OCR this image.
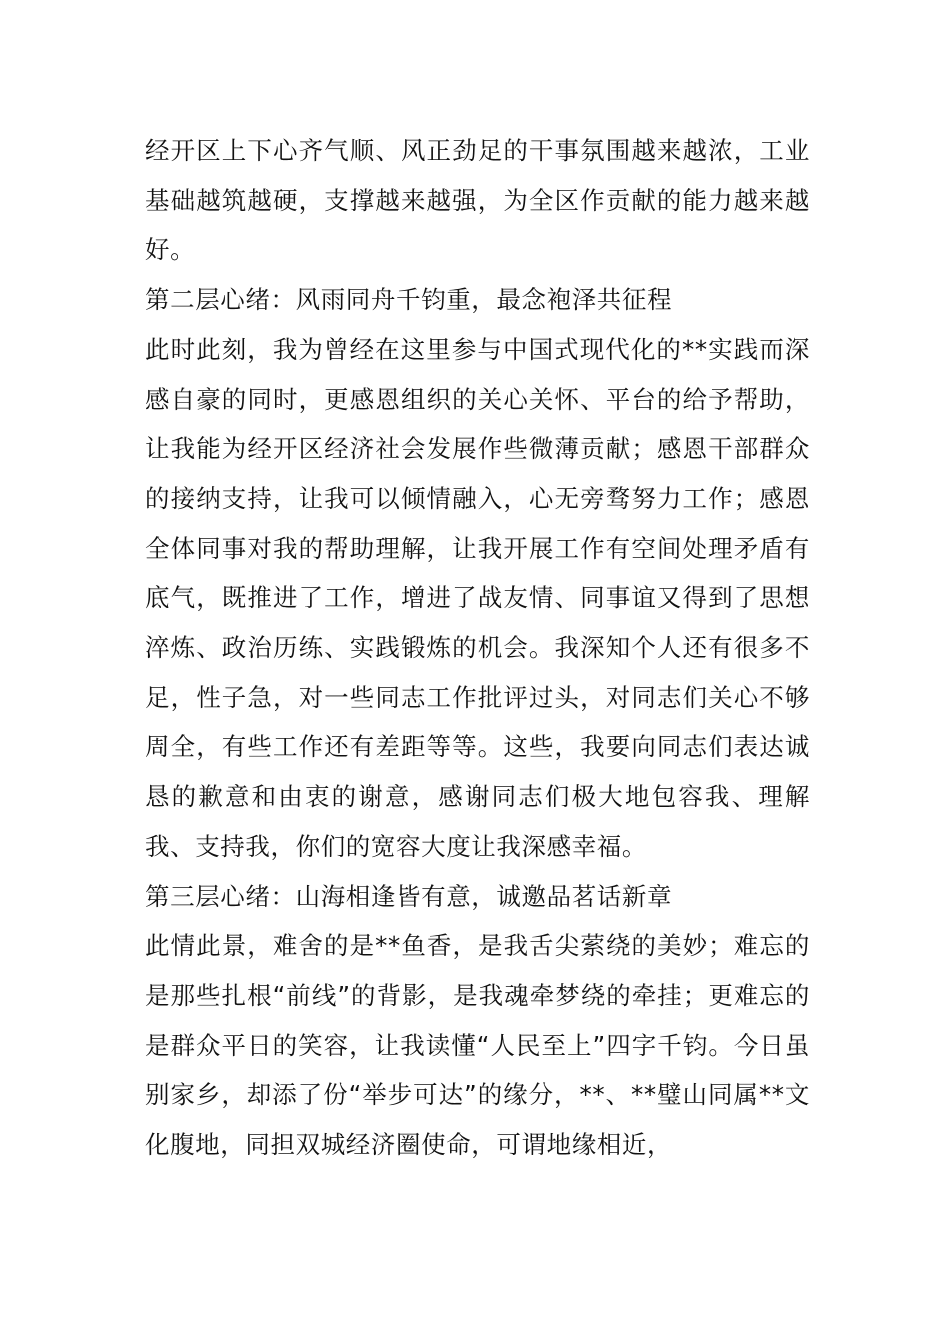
经开区上下心齐气顺、风正劲足的干事氛围越来越浓，工业基础越筑越硬，支撑越来越强，为全区作贡献的能力越来越好。

第二层心绪：风雨同舟千钧重，最念袍泽共征程

此时此刻，我为曾经在这里参与中国式现代化的**实践而深感自豪的同时，更感恩组织的关心关怀、平台的给予帮助，让我能为经开区经济社会发展作些微薄贡献；感恩干部群众的接纳支持，让我可以倾情融入，心无旁骛努力工作；感恩全体同事对我的帮助理解，让我开展工作有空间处理矛盾有底气，既推进了工作，增进了战友情、同事谊又得到了思想淬炼、政治历练、实践锻炼的机会。我深知个人还有很多不足，性子急，对一些同志工作批评过头，对同志们关心不够周全，有些工作还有差距等等。这些，我要向同志们表达诚恳的歉意和由衷的谢意，感谢同志们极大地包容我、理解我、支持我，你们的宽容大度让我深感幸福。

第三层心绪：山海相逢皆有意，诚邀品茗话新章

此情此景，难舍的是**鱼香，是我舌尖萦绕的美妙；难忘的是那些扎根“前线”的背影，是我魂牵梦绕的牵挂；更难忘的是群众平日的笑容，让我读懂“人民至上”四字千钧。今日虽别家乡，却添了份“举步可达”的缘分，**、**璧山同属**文化腹地，同担双城经济圈使命，可谓地缘相近，
